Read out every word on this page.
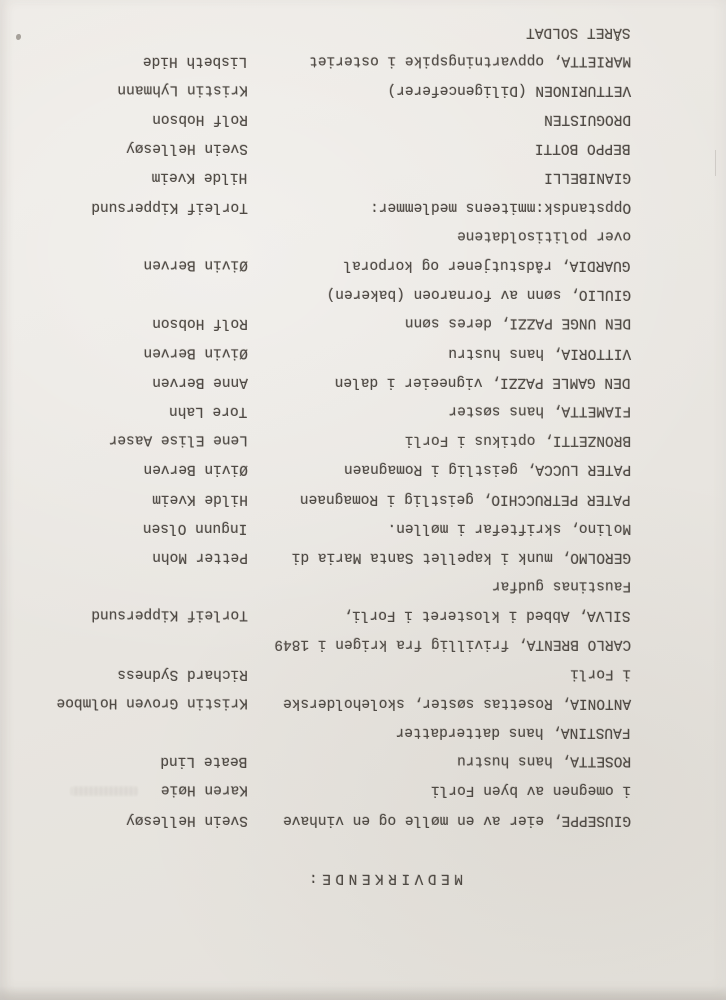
MEDVIRKENDE:

GIUSEPPE, eier av en mølle og en vinhave

i omegnen av byen Forli

Svein Hellesøy

ROSETTA, hans hustru

Karen Høie

FAUSTINA, hans datterdatter

Beate Lind

ANTONIA, Rosettas søster, skoleholderske

i Forli

Kristin Groven Holmboe

CARLO BRENTA, frivillig fra krigen i 1849

Richard Sydness

SILVA, Abbed i klosteret i Forli,

Faustinas gudfar

Torleif Kippersund

GEROLMO, munk i kapellet Santa Maria di

Molino, skriftefar i møllen.

Petter Mohn

PATER PETRUCCHIO, geistlig i Romagnaen

Ingunn Olsen

PATER LUCCA, geistlig i Romagnaen

Hilde Kveim

BRONZETTI, optikus i Forli

Øivin Berven

FIAMETTA, hans søster

Lene Elise Aaser

DEN GAMLE PAZZI, vigneeier i dalen

Tore Lahn

VITTORIA, hans hustru

Anne Berven

DEN UNGE PAZZI, deres sønn

Øivin Berven

GIULIO, sønn av fornaroen (bakeren)

Rolf Hobson

GUARDIA, rådstutjener og korporal

over politisoldatene

Øivin Berven

Oppstandsk:mmiteens medlemmer:

GIANIBELLI

Torleif Kippersund

BEPPO BOTTI

Hilde Kveim

DROGUISTEN

Svein Hellesøy

VETTURINOEN (Diligenceferer)

Rolf Hobson

MARIETTA, oppvartningspike i osteriet

Kristin Lyhmann

SÅRET SOLDAT

Lisbeth Hide
